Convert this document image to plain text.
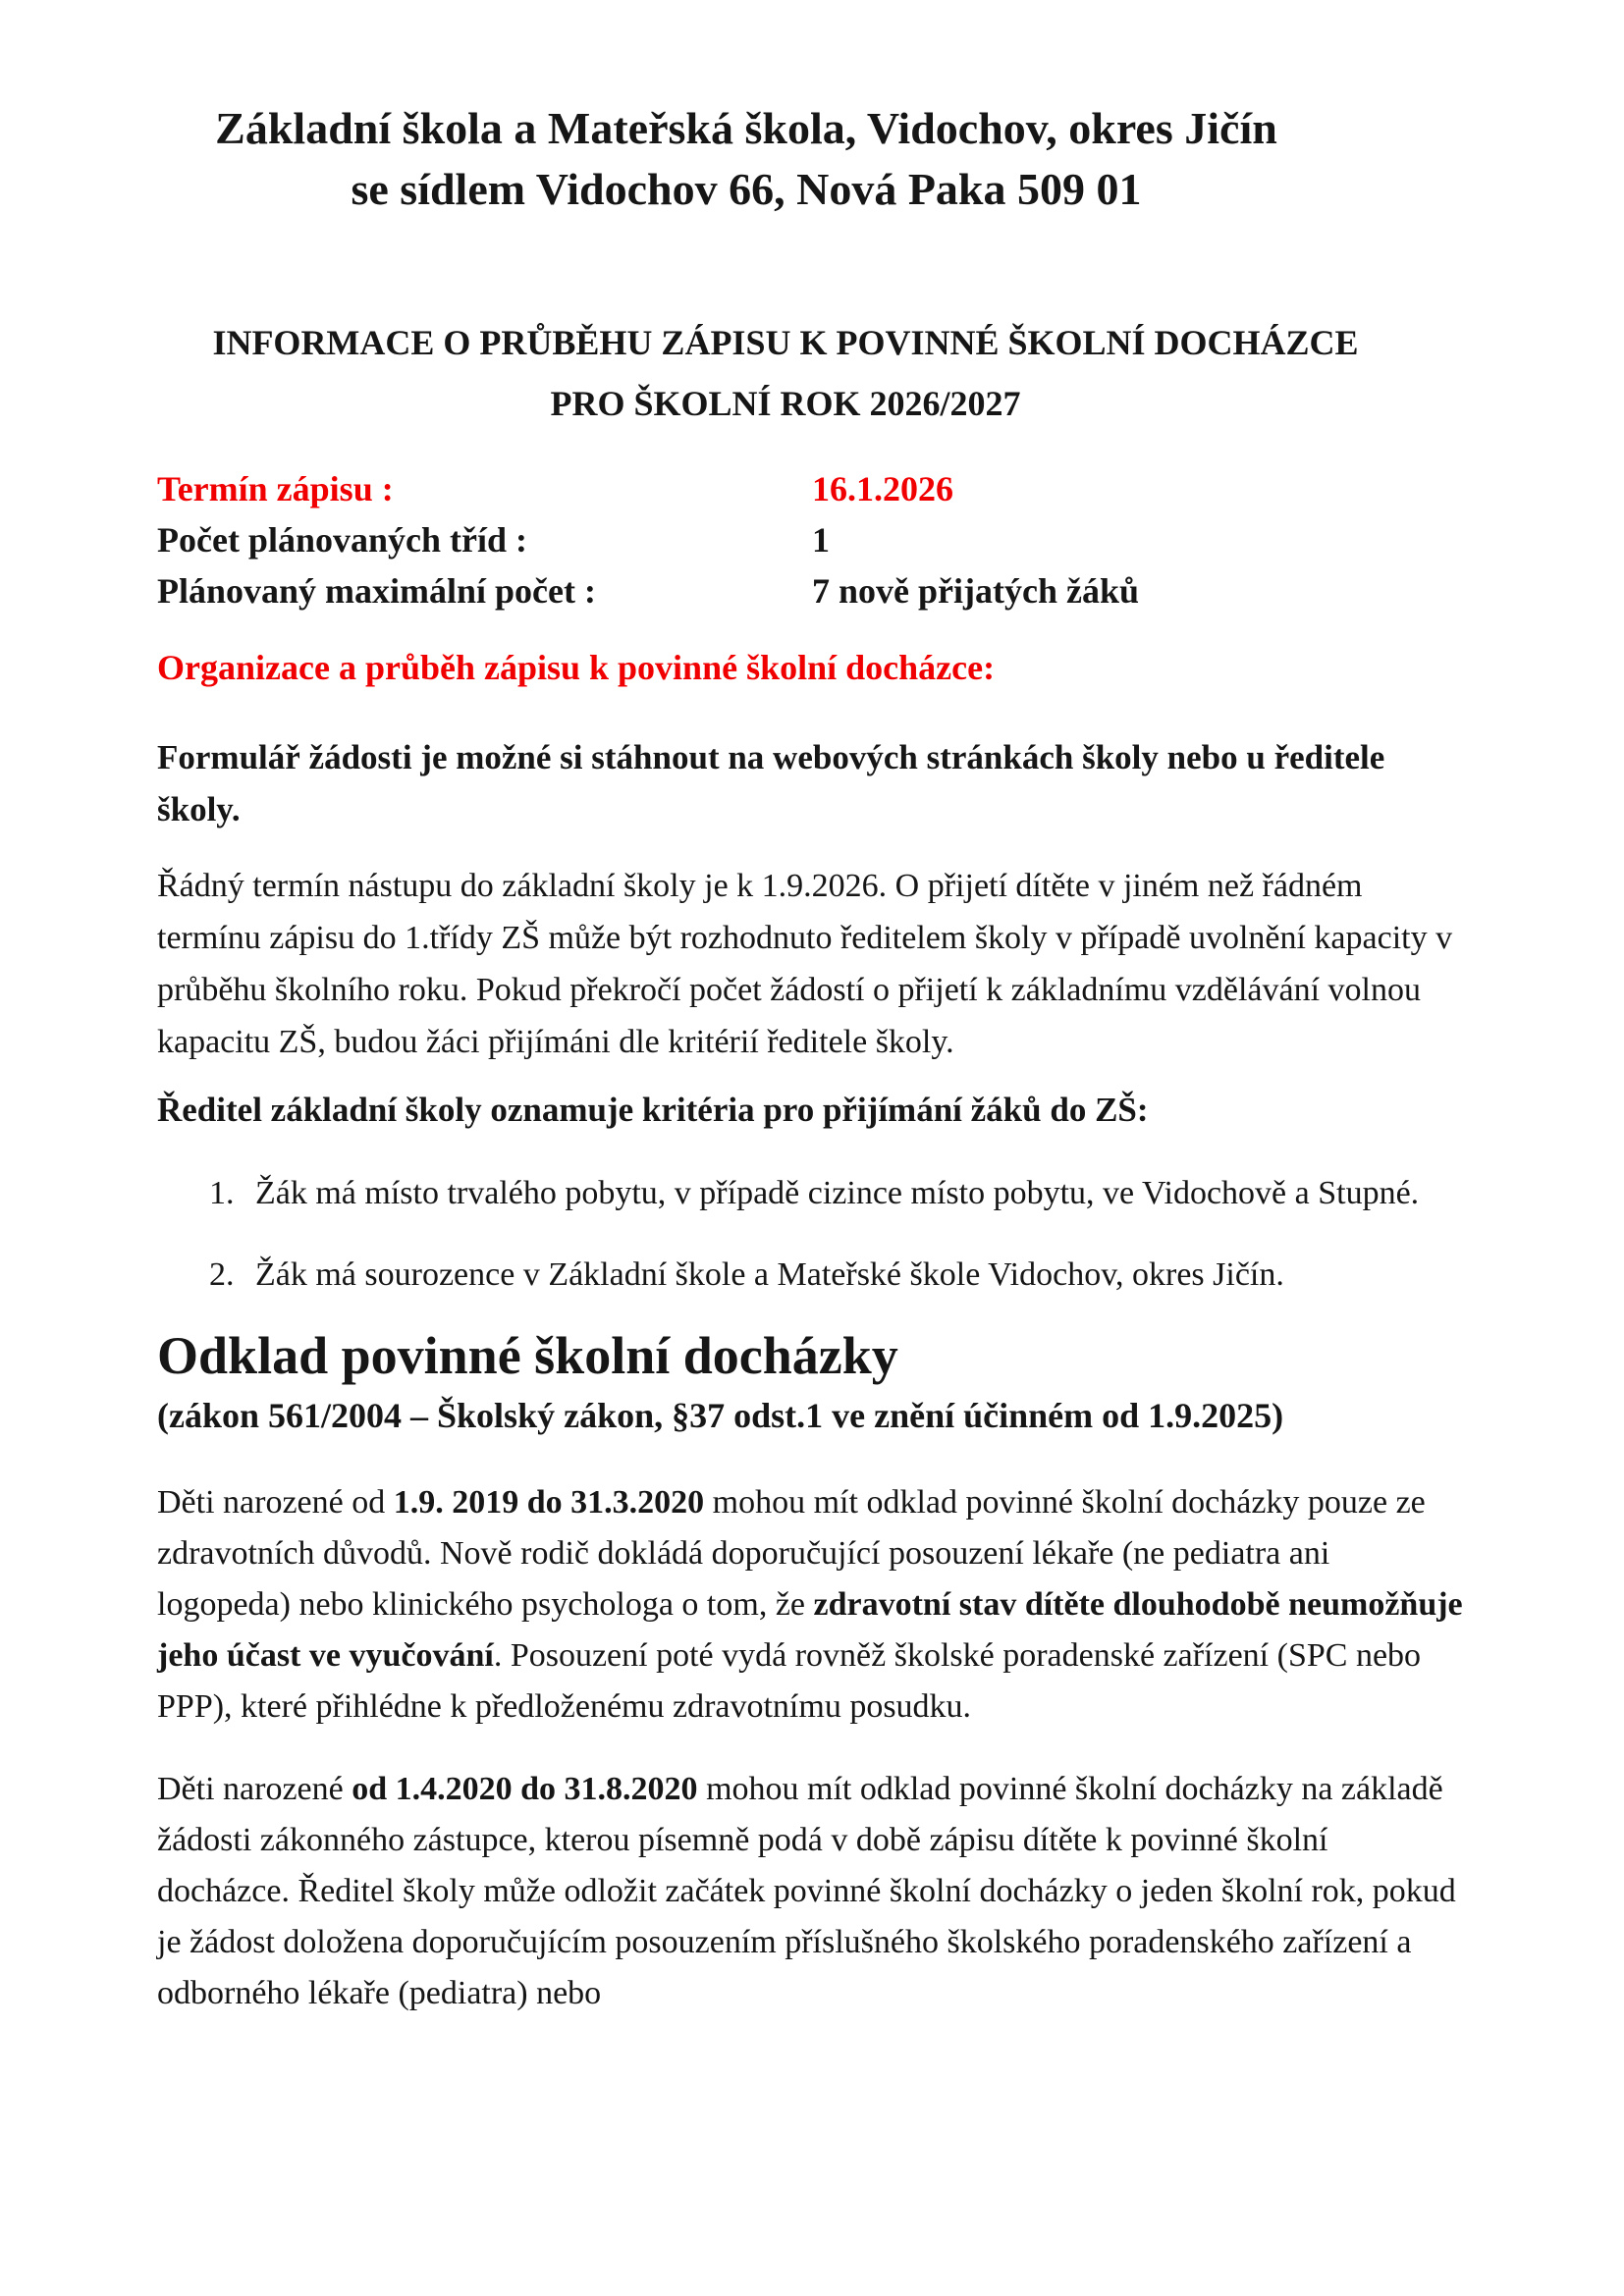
Základní škola a Mateřská škola, Vidochov, okres Jičín
se sídlem Vidochov 66, Nová Paka 509 01
INFORMACE O PRŮBĚHU ZÁPISU K POVINNÉ ŠKOLNÍ DOCHÁZCE
PRO ŠKOLNÍ ROK 2026/2027
Termín zápisu :	16.1.2026
Počet plánovaných tříd :	1
Plánovaný maximální počet :	7 nově přijatých žáků
Organizace a průběh zápisu k povinné školní docházce:
Formulář žádosti je možné si stáhnout na webových stránkách školy nebo u ředitele školy.
Řádný termín nástupu do základní školy je k 1.9.2026. O přijetí dítěte v jiném než řádném termínu zápisu do 1.třídy ZŠ může být rozhodnuto ředitelem školy v případě uvolnění kapacity v průběhu školního roku. Pokud překročí počet žádostí o přijetí k základnímu vzdělávání volnou kapacitu ZŠ, budou žáci přijímáni dle kritérií ředitele školy.
Ředitel základní školy oznamuje kritéria pro přijímání žáků do ZŠ:
1. Žák má místo trvalého pobytu, v případě cizince místo pobytu, ve Vidochově a Stupné.
2. Žák má sourozence v Základní škole a Mateřské škole Vidochov, okres Jičín.
Odklad povinné školní docházky
(zákon 561/2004 – Školský zákon, §37 odst.1 ve znění účinném od 1.9.2025)
Děti narozené od 1.9. 2019 do 31.3.2020 mohou mít odklad povinné školní docházky pouze ze zdravotních důvodů. Nově rodič dokládá doporučující posouzení lékaře (ne pediatra ani logopeda) nebo klinického psychologa o tom, že zdravotní stav dítěte dlouhodobě neumožňuje jeho účast ve vyučování. Posouzení poté vydá rovněž školské poradenské zařízení (SPC nebo PPP), které přihlédne k předloženému zdravotnímu posudku.
Děti narozené od 1.4.2020 do 31.8.2020 mohou mít odklad povinné školní docházky na základě žádosti zákonného zástupce, kterou písemně podá v době zápisu dítěte k povinné školní docházce. Ředitel školy může odložit začátek povinné školní docházky o jeden školní rok, pokud je žádost doložena doporučujícím posouzením příslušného školského poradenského zařízení a odborného lékaře (pediatra) nebo
